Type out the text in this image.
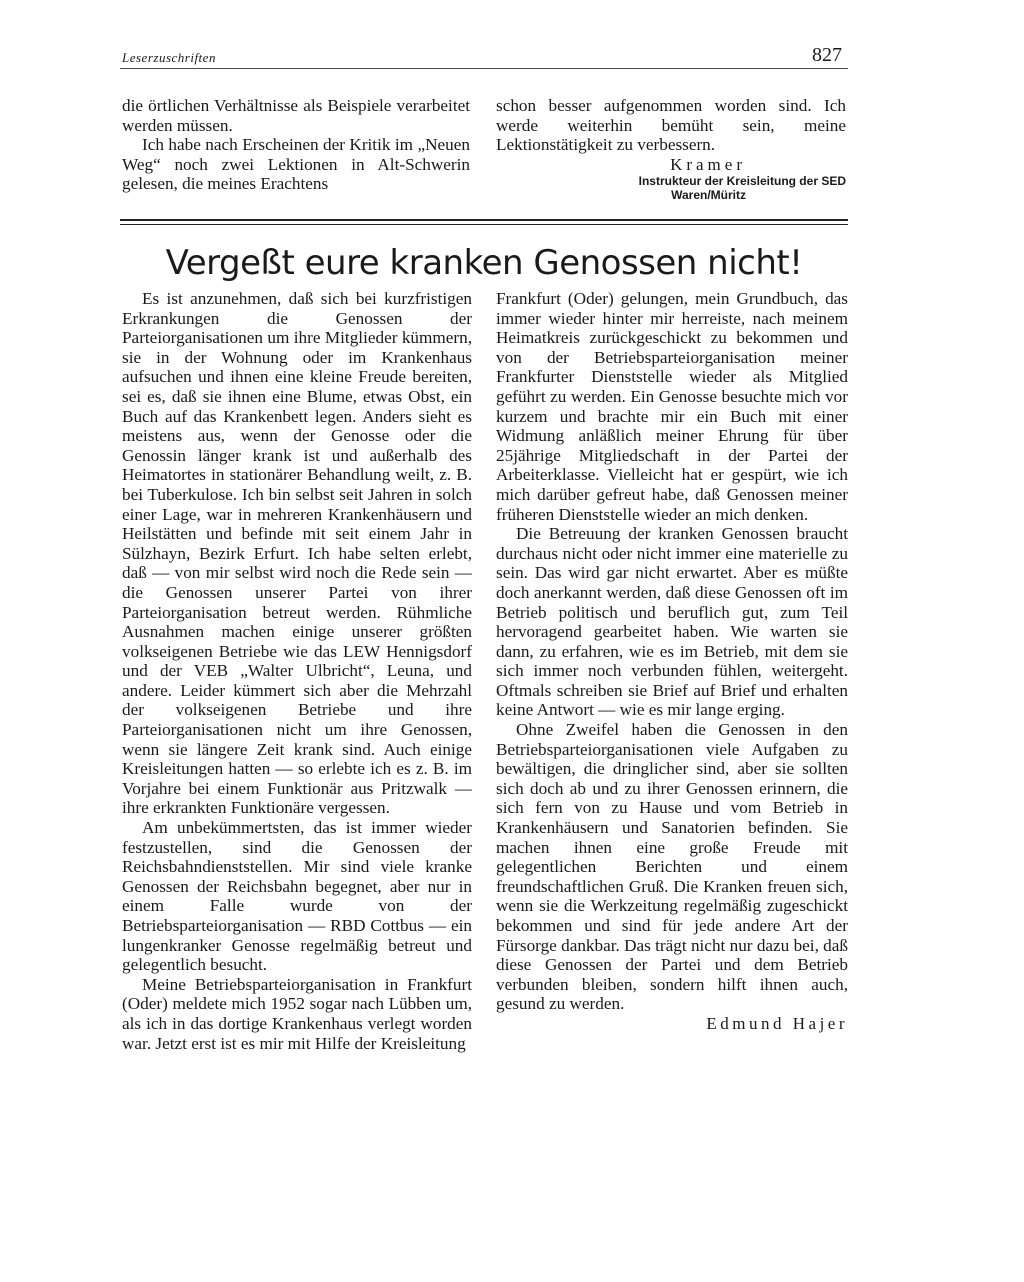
Leserzuschriften	827

die örtlichen Verhältnisse als Beispiele verarbeitet werden müssen.

Ich habe nach Erscheinen der Kritik im „Neuen Weg“ noch zwei Lektionen in Alt-Schwerin gelesen, die meines Erachtens

schon besser aufgenommen worden sind. Ich werde weiterhin bemüht sein, meine Lektionstätigkeit zu verbessern.

Kramer
Instrukteur der Kreisleitung der SED
Waren/Müritz
Vergeßt eure kranken Genossen nicht!

Es ist anzunehmen, daß sich bei kurzfristigen Erkrankungen die Genossen der Parteiorganisationen um ihre Mitglieder kümmern, sie in der Wohnung oder im Krankenhaus aufsuchen und ihnen eine kleine Freude bereiten, sei es, daß sie ihnen eine Blume, etwas Obst, ein Buch auf das Krankenbett legen. Anders sieht es meistens aus, wenn der Genosse oder die Genossin länger krank ist und außerhalb des Heimatortes in stationärer Behandlung weilt, z. B. bei Tuberkulose. Ich bin selbst seit Jahren in solch einer Lage, war in mehreren Krankenhäusern und Heilstätten und befinde mit seit einem Jahr in Sülzhayn, Bezirk Erfurt. Ich habe selten erlebt, daß — von mir selbst wird noch die Rede sein — die Genossen unserer Partei von ihrer Parteiorganisation betreut werden. Rühmliche Ausnahmen machen einige unserer größten volkseigenen Betriebe wie das LEW Hennigsdorf und der VEB „Walter Ulbricht“, Leuna, und andere. Leider kümmert sich aber die Mehrzahl der volkseigenen Betriebe und ihre Parteiorganisationen nicht um ihre Genossen, wenn sie längere Zeit krank sind. Auch einige Kreisleitungen hatten — so erlebte ich es z. B. im Vorjahre bei einem Funktionär aus Pritzwalk — ihre erkrankten Funktionäre vergessen.

Am unbekümmertsten, das ist immer wieder festzustellen, sind die Genossen der Reichsbahndienststellen. Mir sind viele kranke Genossen der Reichsbahn begegnet, aber nur in einem Falle wurde von der Betriebsparteiorganisation — RBD Cottbus — ein lungenkranker Genosse regelmäßig betreut und gelegentlich besucht.

Meine Betriebsparteiorganisation in Frankfurt (Oder) meldete mich 1952 sogar nach Lübben um, als ich in das dortige Krankenhaus verlegt worden war. Jetzt erst ist es mir mit Hilfe der Kreisleitung

Frankfurt (Oder) gelungen, mein Grundbuch, das immer wieder hinter mir herreiste, nach meinem Heimatkreis zurückgeschickt zu bekommen und von der Betriebsparteiorganisation meiner Frankfurter Dienststelle wieder als Mitglied geführt zu werden. Ein Genosse besuchte mich vor kurzem und brachte mir ein Buch mit einer Widmung anläßlich meiner Ehrung für über 25jährige Mitgliedschaft in der Partei der Arbeiterklasse. Vielleicht hat er gespürt, wie ich mich darüber gefreut habe, daß Genossen meiner früheren Dienststelle wieder an mich denken.

Die Betreuung der kranken Genossen braucht durchaus nicht oder nicht immer eine materielle zu sein. Das wird gar nicht erwartet. Aber es müßte doch anerkannt werden, daß diese Genossen oft im Betrieb politisch und beruflich gut, zum Teil hervoragend gearbeitet haben. Wie warten sie dann, zu erfahren, wie es im Betrieb, mit dem sie sich immer noch verbunden fühlen, weitergeht. Oftmals schreiben sie Brief auf Brief und erhalten keine Antwort — wie es mir lange erging.

Ohne Zweifel haben die Genossen in den Betriebsparteiorganisationen viele Aufgaben zu bewältigen, die dringlicher sind, aber sie sollten sich doch ab und zu ihrer Genossen erinnern, die sich fern von zu Hause und vom Betrieb in Krankenhäusern und Sanatorien befinden. Sie machen ihnen eine große Freude mit gelegentlichen Berichten und einem freundschaftlichen Gruß. Die Kranken freuen sich, wenn sie die Werkzeitung regelmäßig zugeschickt bekommen und sind für jede andere Art der Fürsorge dankbar. Das trägt nicht nur dazu bei, daß diese Genossen der Partei und dem Betrieb verbunden bleiben, sondern hilft ihnen auch, gesund zu werden.

Edmund Hajer
